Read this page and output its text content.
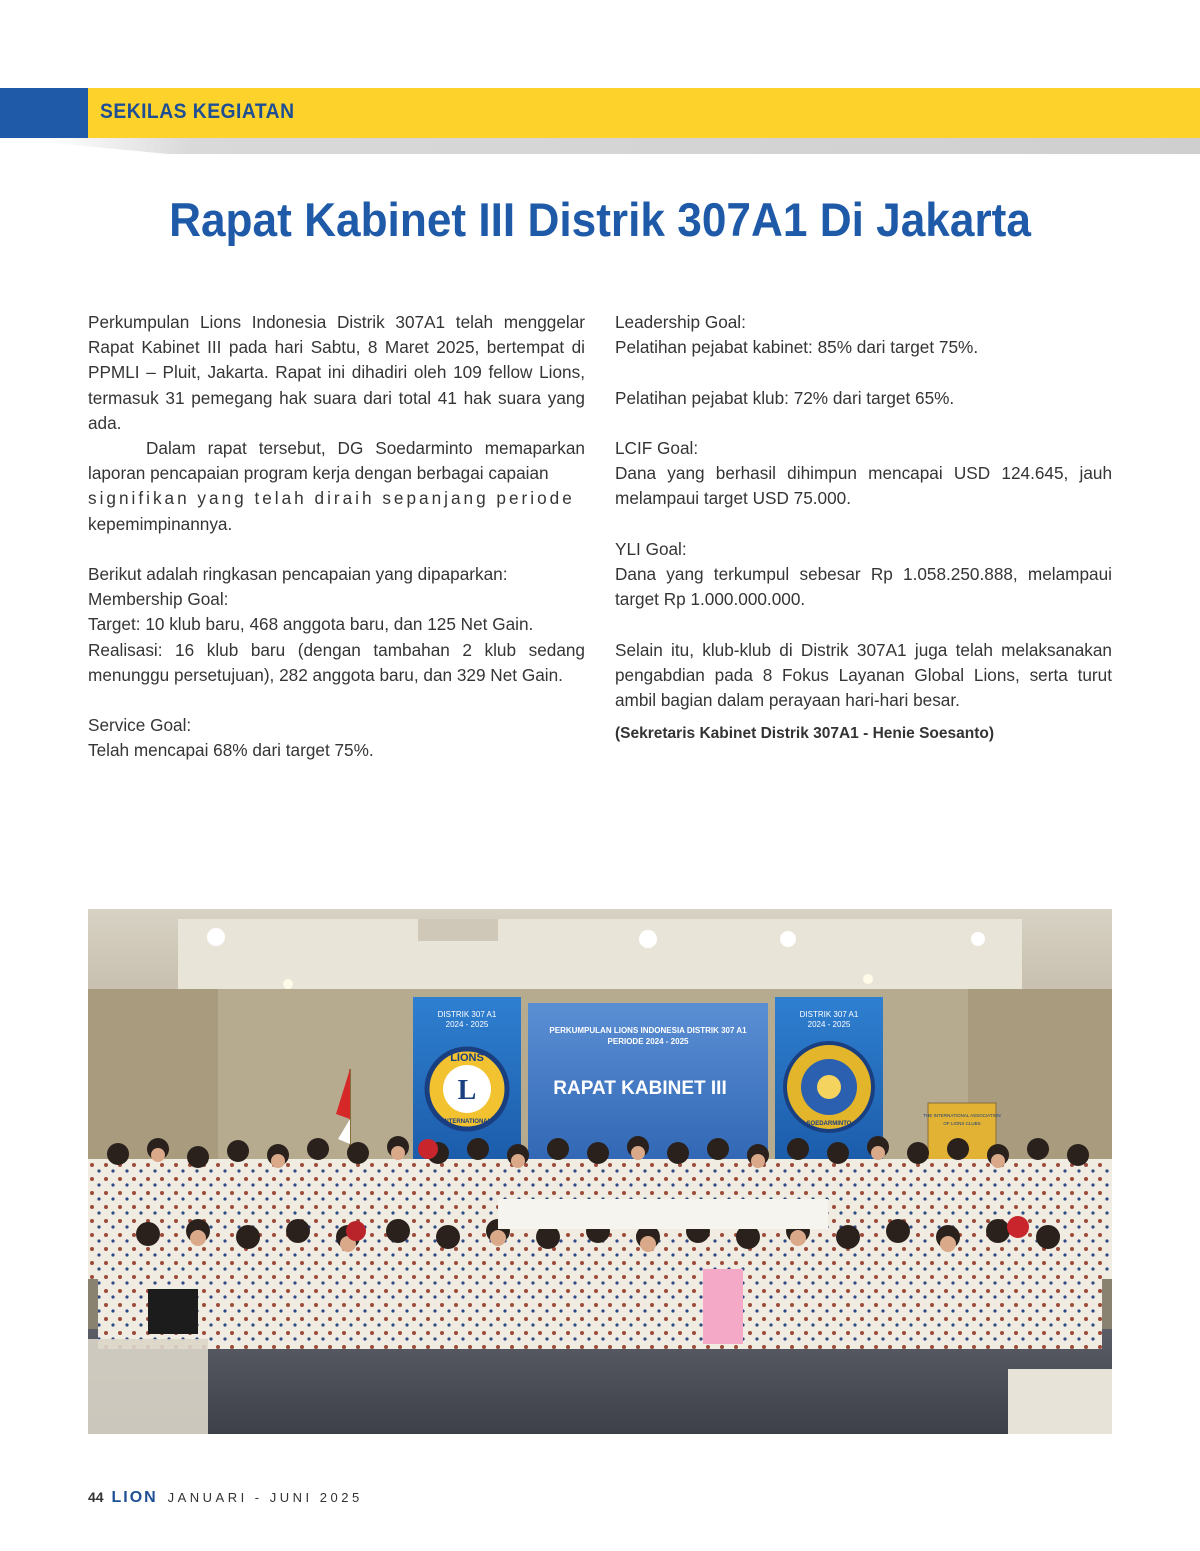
SEKILAS KEGIATAN
Rapat Kabinet III Distrik 307A1 Di Jakarta

Perkumpulan Lions Indonesia Distrik 307A1 telah menggelar Rapat Kabinet III pada hari Sabtu, 8 Maret 2025, bertempat di PPMLI – Pluit, Jakarta. Rapat ini dihadiri oleh 109 fellow Lions, termasuk 31 pemegang hak suara dari total 41 hak suara yang ada.

Dalam rapat tersebut, DG Soedarminto memaparkan laporan pencapaian program kerja dengan berbagai capaian

signifikan yang telah diraih sepanjang periode

kepemimpinannya.

Berikut adalah ringkasan pencapaian yang dipaparkan:

Membership Goal:

Target: 10 klub baru, 468 anggota baru, dan 125 Net Gain.

Realisasi: 16 klub baru (dengan tambahan 2 klub sedang menunggu persetujuan), 282 anggota baru, dan 329 Net Gain.

Service Goal:

Telah mencapai 68% dari target 75%.

Leadership Goal:

Pelatihan pejabat kabinet: 85% dari target 75%.

Pelatihan pejabat klub: 72% dari target 65%.

LCIF Goal:

Dana yang berhasil dihimpun mencapai USD 124.645, jauh melampaui target USD 75.000.

YLI Goal:

Dana yang terkumpul sebesar Rp 1.058.250.888, melampaui target Rp 1.000.000.000.

Selain itu, klub-klub di Distrik 307A1 juga telah melaksanakan pengabdian pada 8 Fokus Layanan Global Lions, serta turut ambil bagian dalam perayaan hari-hari besar.

(Sekretaris Kabinet Distrik 307A1 - Henie Soesanto)

DISTRIK 307 A1
2024 - 2025
L
LIONS
INTERNATIONAL
PERKUMPULAN LIONS INDONESIA DISTRIK 307 A1
PERIODE 2024 - 2025
RAPAT KABINET III
DISTRIK 307 A1
2024 - 2025
SOEDARMINTO
THE INTERNATIONAL ASSOCIATION
OF LIONS CLUBS
44 LION JANUARI - JUNI 2025
